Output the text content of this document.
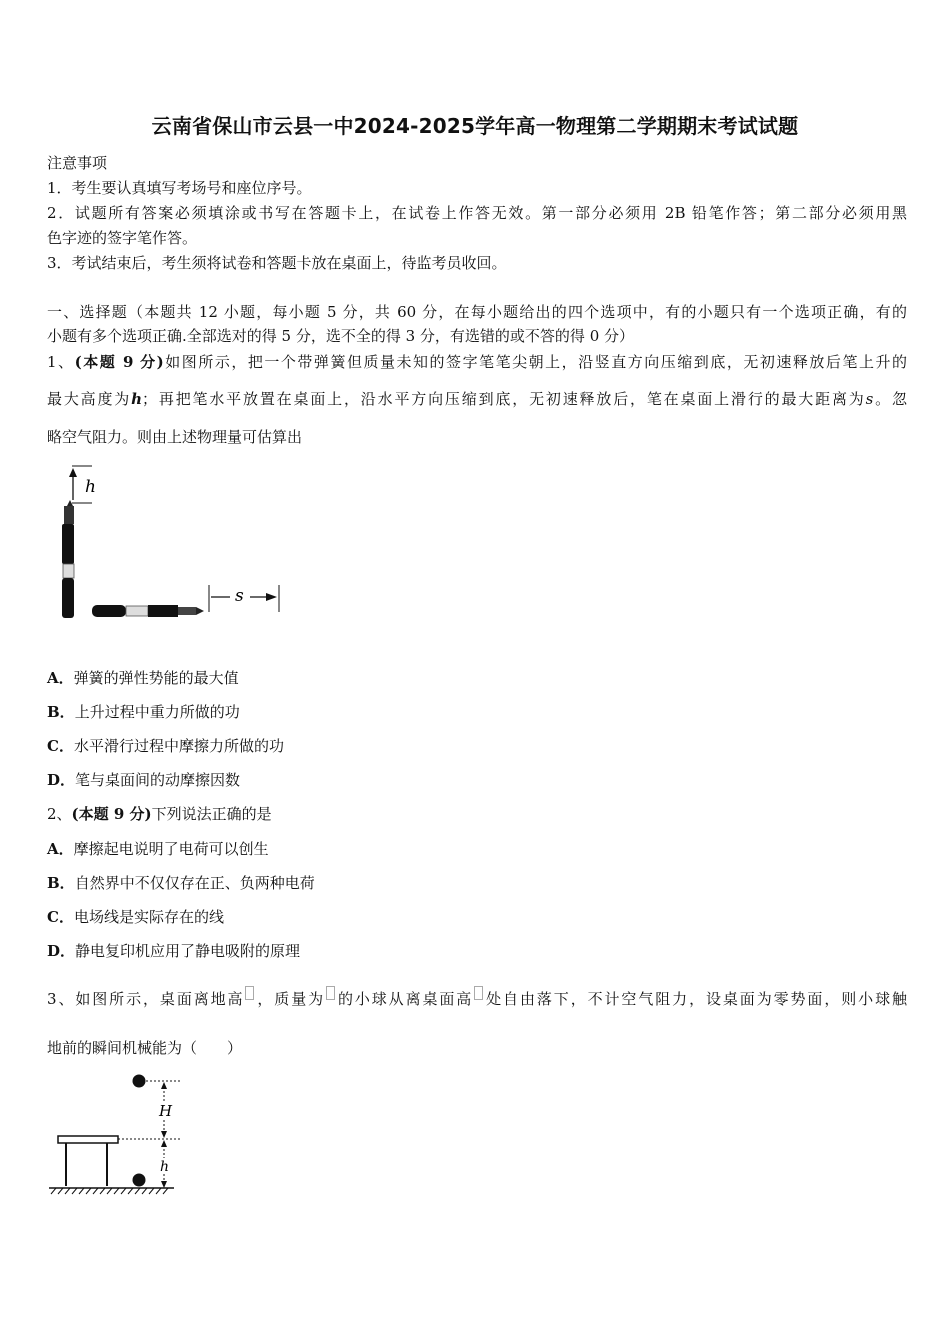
云南省保山市云县一中2024-2025学年高一物理第二学期期末考试试题
注意事项
1．考生要认真填写考场号和座位序号。
2．试题所有答案必须填涂或书写在答题卡上，在试卷上作答无效。第一部分必须用 2B 铅笔作答；第二部分必须用黑
色字迹的签字笔作答。
3．考试结束后，考生须将试卷和答题卡放在桌面上，待监考员收回。
一、选择题（本题共 12 小题，每小题 5 分，共 60 分，在每小题给出的四个选项中，有的小题只有一个选项正确，有的
小题有多个选项正确.全部选对的得 5 分，选不全的得 3 分，有选错的或不答的得 0 分）
1、(本题 9 分)如图所示，把一个带弹簧但质量未知的签字笔笔尖朝上，沿竖直方向压缩到底，无初速释放后笔上升的
最大高度为h；再把笔水平放置在桌面上，沿水平方向压缩到底，无初速释放后，笔在桌面上滑行的最大距离为s。忽
略空气阻力。则由上述物理量可估算出
h
s
A．弹簧的弹性势能的最大值
B．上升过程中重力所做的功
C．水平滑行过程中摩擦力所做的功
D．笔与桌面间的动摩擦因数
2、(本题 9 分)下列说法正确的是
A．摩擦起电说明了电荷可以创生
B．自然界中不仅仅存在正、负两种电荷
C．电场线是实际存在的线
D．静电复印机应用了静电吸附的原理
3、如图所示，桌面离地高 ，质量为 的小球从离桌面高 处自由落下，不计空气阻力，设桌面为零势面，则小球触
地前的瞬间机械能为（　　）
H
h
